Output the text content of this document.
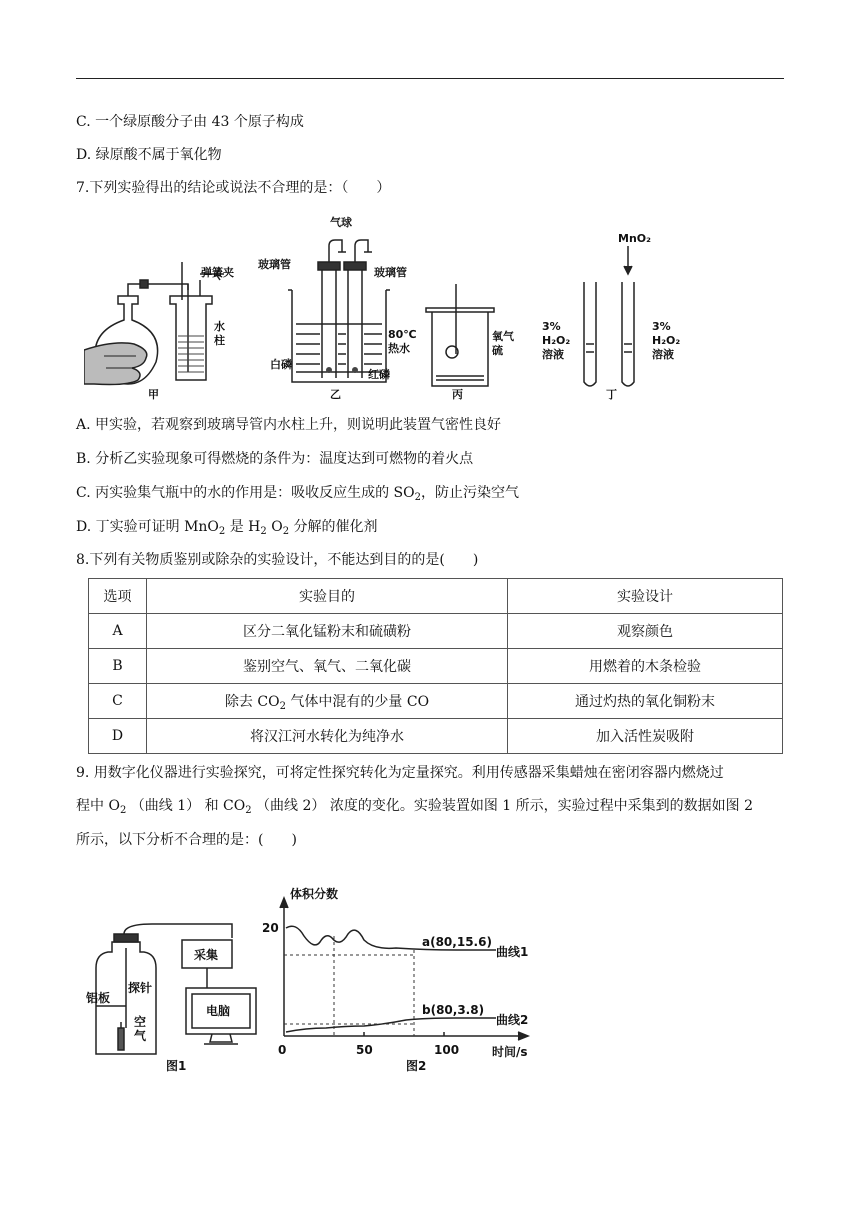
C. 一个绿原酸分子由 43 个原子构成
D. 绿原酸不属于氧化物
7.下列实验得出的结论或说法不合理的是：（　　）
弹簧夹
水
柱
甲
气球
玻璃管
玻璃管
80℃
热水
白磷
红磷
乙
氧气
硫
丙
MnO₂
3%
H₂O₂
溶液
3%
H₂O₂
溶液
丁
A. 甲实验，若观察到玻璃导管内水柱上升，则说明此装置气密性良好
B. 分析乙实验现象可得燃烧的条件为：温度达到可燃物的着火点
C. 丙实验集气瓶中的水的作用是：吸收反应生成的 $SO_2$，防止污染空气
D. 丁实验可证明 MnO$_2$ 是 $H_2$ $O_2$ 分解的催化剂
8.下列有关物质鉴别或除杂的实验设计，不能达到目的的是(　　)
选项	实验目的	实验设计
A	区分二氧化锰粉末和硫磺粉	观察颜色
B	鉴别空气、氧气、二氧化碳	用燃着的木条检验
C	除去 $CO_2$ 气体中混有的少量 CO	通过灼热的氧化铜粉末
D	将汉江河水转化为纯净水	加入活性炭吸附
9. 用数字化仪器进行实验探究，可将定性探究转化为定量探究。利用传感器采集蜡烛在密闭容器内燃烧过
程中 $O_2$ （曲线 1） 和 $CO_2$ （曲线 2） 浓度的变化。实验装置如图 1 所示，实验过程中采集到的数据如图 2
所示，以下分析不合理的是：(　　)
采集
电脑
铝板
探针
空
气
图1
体积分数
20
0	50	100	时间/s
a(80,15.6)
曲线1
b(80,3.8)
曲线2
图2
